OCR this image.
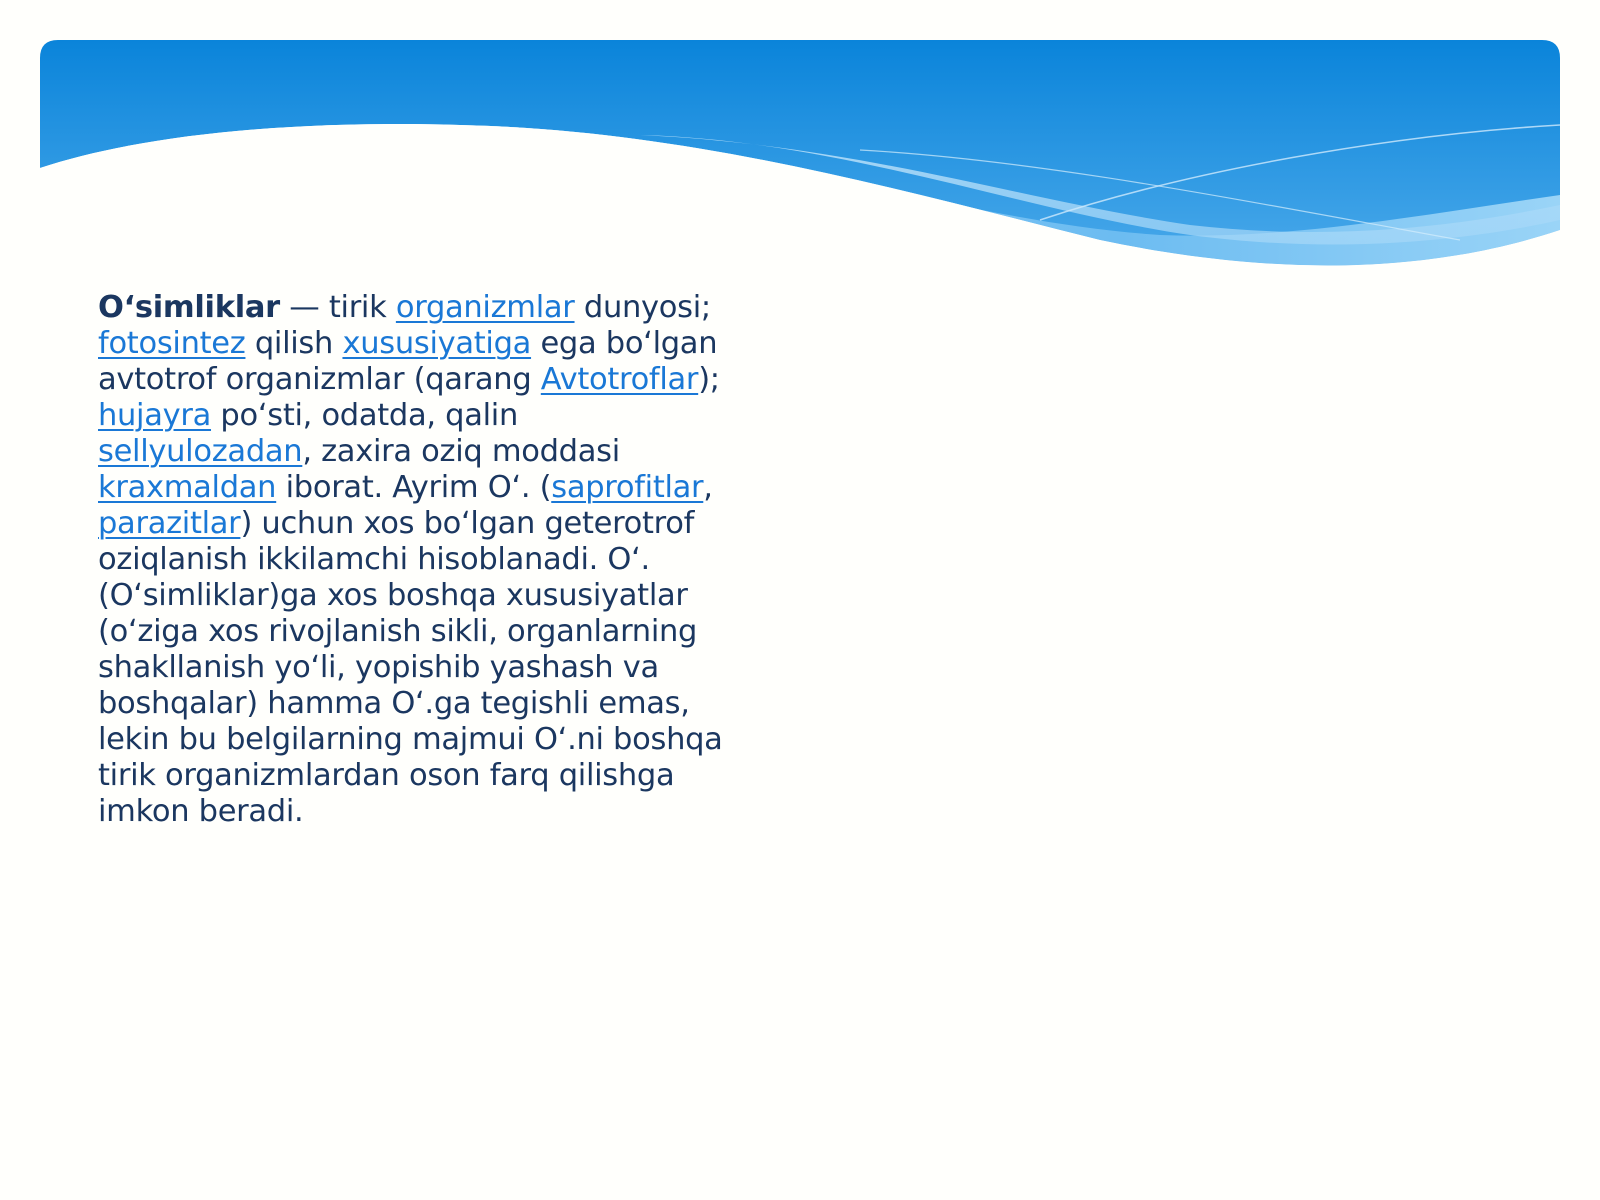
O‘simliklar — tirik organizmlar dunyosi; fotosintez qilish xususiyatiga ega bo‘lgan avtotrof organizmlar (qarang Avtotroflar); hujayra po‘sti, odatda, qalin sellyulozadan, zaxira oziq moddasi kraxmaldan iborat. Ayrim O‘. (saprofitlar, parazitlar) uchun xos bo‘lgan geterotrof oziqlanish ikkilamchi hisoblanadi. O‘. (O‘simliklar)ga xos boshqa xususiyatlar (o‘ziga xos rivojlanish sikli, organlarning shakllanish yo‘li, yopishib yashash va boshqalar) hamma O‘.ga tegishli emas, lekin bu belgilarning majmui O‘.ni boshqa tirik organizmlardan oson farq qilishga imkon beradi.
